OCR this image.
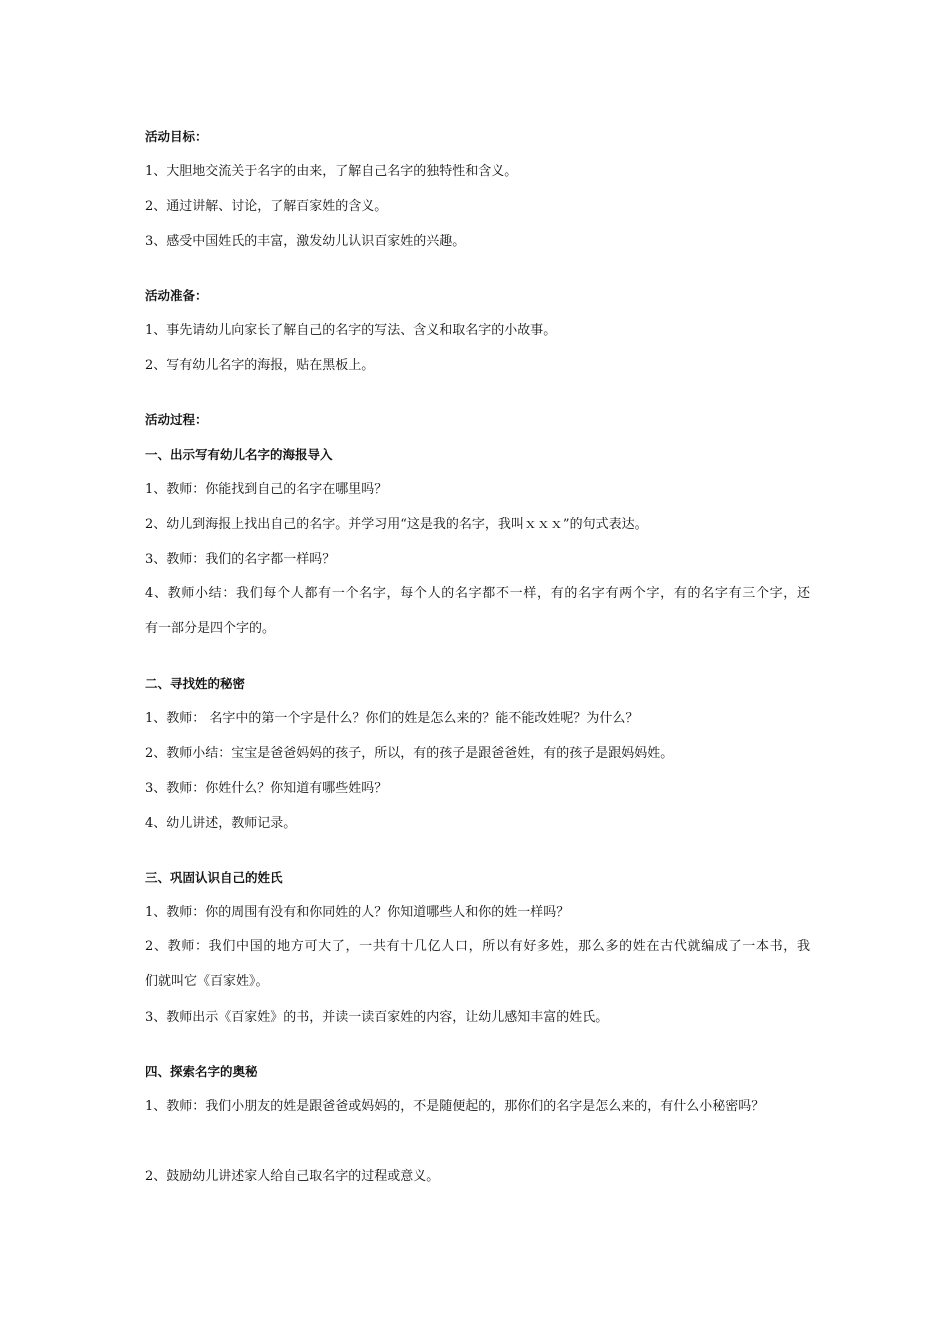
活动目标：
1、大胆地交流关于名字的由来，了解自己名字的独特性和含义。
2、通过讲解、讨论，了解百家姓的含义。
3、感受中国姓氏的丰富，激发幼儿认识百家姓的兴趣。
活动准备：
1、事先请幼儿向家长了解自己的名字的写法、含义和取名字的小故事。
2、写有幼儿名字的海报，贴在黑板上。
活动过程：
一、出示写有幼儿名字的海报导入
1、教师：你能找到自己的名字在哪里吗？
2、幼儿到海报上找出自己的名字。并学习用“这是我的名字，我叫ｘｘｘ”的句式表达。
3、教师：我们的名字都一样吗？
4、教师小结：我们每个人都有一个名字，每个人的名字都不一样，有的名字有两个字，有的名字有三个字，还
有一部分是四个字的。
二、寻找姓的秘密
1、教师： 名字中的第一个字是什么？你们的姓是怎么来的？能不能改姓呢？为什么？
2、教师小结：宝宝是爸爸妈妈的孩子，所以，有的孩子是跟爸爸姓，有的孩子是跟妈妈姓。
3、教师：你姓什么？你知道有哪些姓吗？
4、幼儿讲述，教师记录。
三、巩固认识自己的姓氏
1、教师：你的周围有没有和你同姓的人？你知道哪些人和你的姓一样吗？
2、教师：我们中国的地方可大了，一共有十几亿人口，所以有好多姓，那么多的姓在古代就编成了一本书，我
们就叫它《百家姓》。
3、教师出示《百家姓》的书，并读一读百家姓的内容，让幼儿感知丰富的姓氏。
四、探索名字的奥秘
1、教师：我们小朋友的姓是跟爸爸或妈妈的，不是随便起的，那你们的名字是怎么来的，有什么小秘密吗？
2、鼓励幼儿讲述家人给自己取名字的过程或意义。
